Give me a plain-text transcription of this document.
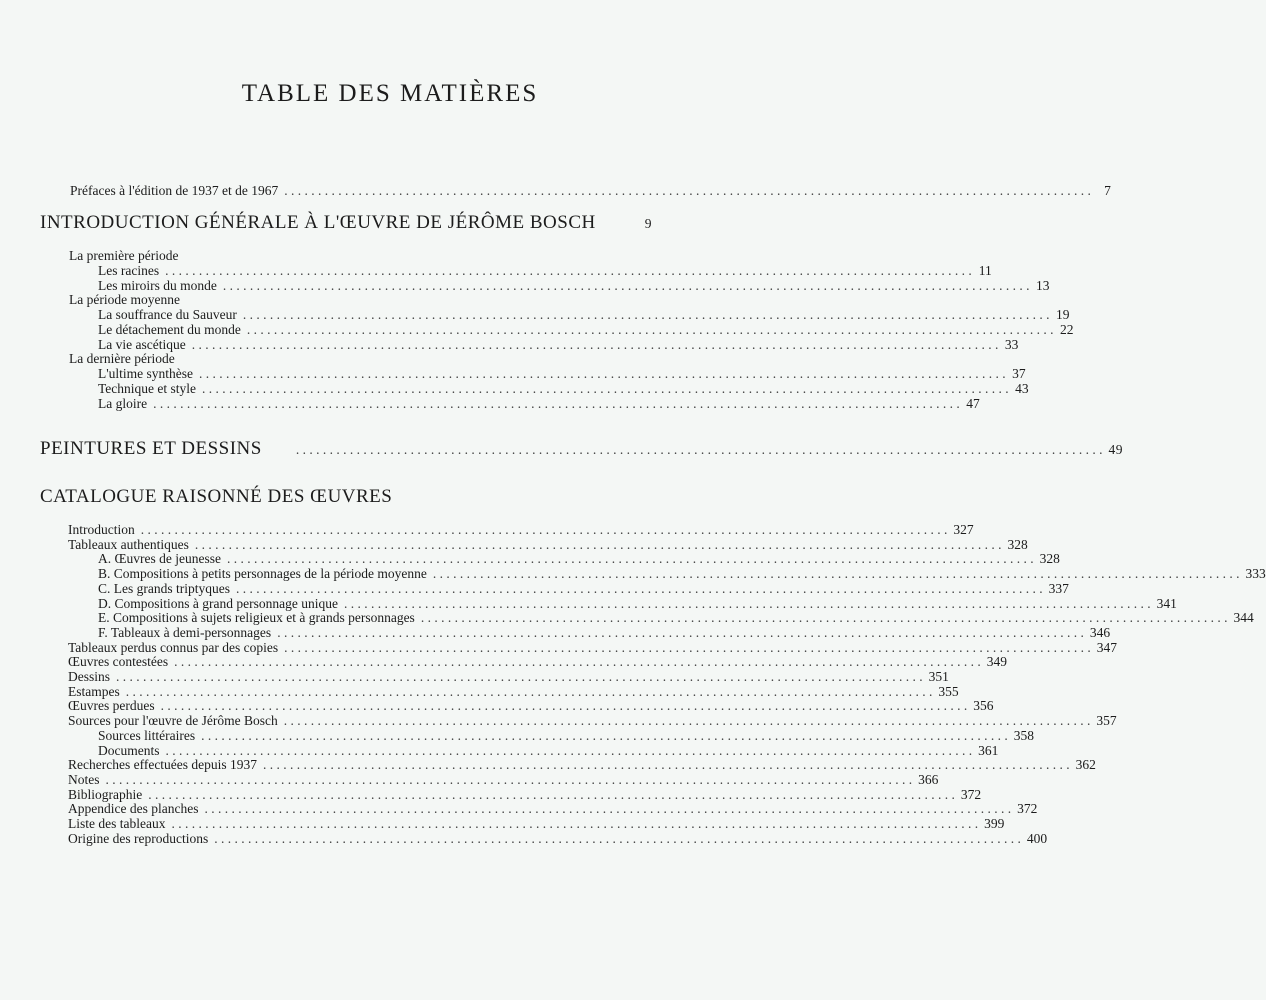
TABLE DES MATIÈRES
Préfaces à l'édition de 1937 et de 1967 . . . . . . . . . . . . . . . . . . . . . . . . . . . . . . . . . . . . . . . . . . . . . . . . . . . . . . . . . . . . . . . . . . . . . . . . . . . . . . . . . . . . . . . . . . . . . . . . . . . . . . . . . . . . . . . . . . . . . . . . 7
INTRODUCTION GÉNÉRALE À L'ŒUVRE DE JÉRÔME BOSCH	9
La première période
Les racines . . . . . . . . . . . . . . . . . . . . . . . . . . . . . . . . . . . . . . . . . . . . . . . . . . . . . . . . . . . . . . . . . . . . . . . . . . . . . . . . . . . . . . . . . . . . . . . . . . . . . . . . . . . . . . . . . . . . . . . . 11
Les miroirs du monde . . . . . . . . . . . . . . . . . . . . . . . . . . . . . . . . . . . . . . . . . . . . . . . . . . . . . . . . . . . . . . . . . . . . . . . . . . . . . . . . . . . . . . . . . . . . . . . . . . . . . . . . . . . . . . . . . . . . . . . . 13
La période moyenne
La souffrance du Sauveur . . . . . . . . . . . . . . . . . . . . . . . . . . . . . . . . . . . . . . . . . . . . . . . . . . . . . . . . . . . . . . . . . . . . . . . . . . . . . . . . . . . . . . . . . . . . . . . . . . . . . . . . . . . . . . . . . . . . . . . . 19
Le détachement du monde . . . . . . . . . . . . . . . . . . . . . . . . . . . . . . . . . . . . . . . . . . . . . . . . . . . . . . . . . . . . . . . . . . . . . . . . . . . . . . . . . . . . . . . . . . . . . . . . . . . . . . . . . . . . . . . . . . . . . . . . 22
La vie ascétique . . . . . . . . . . . . . . . . . . . . . . . . . . . . . . . . . . . . . . . . . . . . . . . . . . . . . . . . . . . . . . . . . . . . . . . . . . . . . . . . . . . . . . . . . . . . . . . . . . . . . . . . . . . . . . . . . . . . . . . . 33
La dernière période
L'ultime synthèse . . . . . . . . . . . . . . . . . . . . . . . . . . . . . . . . . . . . . . . . . . . . . . . . . . . . . . . . . . . . . . . . . . . . . . . . . . . . . . . . . . . . . . . . . . . . . . . . . . . . . . . . . . . . . . . . . . . . . . . . 37
Technique et style . . . . . . . . . . . . . . . . . . . . . . . . . . . . . . . . . . . . . . . . . . . . . . . . . . . . . . . . . . . . . . . . . . . . . . . . . . . . . . . . . . . . . . . . . . . . . . . . . . . . . . . . . . . . . . . . . . . . . . . . 43
La gloire . . . . . . . . . . . . . . . . . . . . . . . . . . . . . . . . . . . . . . . . . . . . . . . . . . . . . . . . . . . . . . . . . . . . . . . . . . . . . . . . . . . . . . . . . . . . . . . . . . . . . . . . . . . . . . . . . . . . . . . . 47
PEINTURES ET DESSINS	. . . . . . . . . . . . . . . . . . . . . . . . . . . . . . . . . . . . . . . . . . . . . . . . . . . . . . . . . . . . . . . . . . . . . . . . . . . . . . . . . . . . . . . . . . . . . . . . . . . . . . . . . . . . . . . . . . . . . . . . 49
CATALOGUE RAISONNÉ DES ŒUVRES
Introduction . . . . . . . . . . . . . . . . . . . . . . . . . . . . . . . . . . . . . . . . . . . . . . . . . . . . . . . . . . . . . . . . . . . . . . . . . . . . . . . . . . . . . . . . . . . . . . . . . . . . . . . . . . . . . . . . . . . . . . . . 327
Tableaux authentiques . . . . . . . . . . . . . . . . . . . . . . . . . . . . . . . . . . . . . . . . . . . . . . . . . . . . . . . . . . . . . . . . . . . . . . . . . . . . . . . . . . . . . . . . . . . . . . . . . . . . . . . . . . . . . . . . . . . . . . . . 328
A. Œuvres de jeunesse . . . . . . . . . . . . . . . . . . . . . . . . . . . . . . . . . . . . . . . . . . . . . . . . . . . . . . . . . . . . . . . . . . . . . . . . . . . . . . . . . . . . . . . . . . . . . . . . . . . . . . . . . . . . . . . . . . . . . . . . 328
B. Compositions à petits personnages de la période moyenne . . . . . . . . . . . . . . . . . . . . . . . . . . . . . . . . . . . . . . . . . . . . . . . . . . . . . . . . . . . . . . . . . . . . . . . . . . . . . . . . . . . . . . . . . . . . . . . . . . . . . . . . . . . . . . . . . . . . . . . . 333
C. Les grands triptyques . . . . . . . . . . . . . . . . . . . . . . . . . . . . . . . . . . . . . . . . . . . . . . . . . . . . . . . . . . . . . . . . . . . . . . . . . . . . . . . . . . . . . . . . . . . . . . . . . . . . . . . . . . . . . . . . . . . . . . . . 337
D. Compositions à grand personnage unique . . . . . . . . . . . . . . . . . . . . . . . . . . . . . . . . . . . . . . . . . . . . . . . . . . . . . . . . . . . . . . . . . . . . . . . . . . . . . . . . . . . . . . . . . . . . . . . . . . . . . . . . . . . . . . . . . . . . . . . . 341
E. Compositions à sujets religieux et à grands personnages . . . . . . . . . . . . . . . . . . . . . . . . . . . . . . . . . . . . . . . . . . . . . . . . . . . . . . . . . . . . . . . . . . . . . . . . . . . . . . . . . . . . . . . . . . . . . . . . . . . . . . . . . . . . . . . . . . . . . . . . 344
F. Tableaux à demi-personnages . . . . . . . . . . . . . . . . . . . . . . . . . . . . . . . . . . . . . . . . . . . . . . . . . . . . . . . . . . . . . . . . . . . . . . . . . . . . . . . . . . . . . . . . . . . . . . . . . . . . . . . . . . . . . . . . . . . . . . . . 346
Tableaux perdus connus par des copies . . . . . . . . . . . . . . . . . . . . . . . . . . . . . . . . . . . . . . . . . . . . . . . . . . . . . . . . . . . . . . . . . . . . . . . . . . . . . . . . . . . . . . . . . . . . . . . . . . . . . . . . . . . . . . . . . . . . . . . . 347
Œuvres contestées . . . . . . . . . . . . . . . . . . . . . . . . . . . . . . . . . . . . . . . . . . . . . . . . . . . . . . . . . . . . . . . . . . . . . . . . . . . . . . . . . . . . . . . . . . . . . . . . . . . . . . . . . . . . . . . . . . . . . . . . 349
Dessins . . . . . . . . . . . . . . . . . . . . . . . . . . . . . . . . . . . . . . . . . . . . . . . . . . . . . . . . . . . . . . . . . . . . . . . . . . . . . . . . . . . . . . . . . . . . . . . . . . . . . . . . . . . . . . . . . . . . . . . . 351
Estampes . . . . . . . . . . . . . . . . . . . . . . . . . . . . . . . . . . . . . . . . . . . . . . . . . . . . . . . . . . . . . . . . . . . . . . . . . . . . . . . . . . . . . . . . . . . . . . . . . . . . . . . . . . . . . . . . . . . . . . . . 355
Œuvres perdues . . . . . . . . . . . . . . . . . . . . . . . . . . . . . . . . . . . . . . . . . . . . . . . . . . . . . . . . . . . . . . . . . . . . . . . . . . . . . . . . . . . . . . . . . . . . . . . . . . . . . . . . . . . . . . . . . . . . . . . . 356
Sources pour l'œuvre de Jérôme Bosch . . . . . . . . . . . . . . . . . . . . . . . . . . . . . . . . . . . . . . . . . . . . . . . . . . . . . . . . . . . . . . . . . . . . . . . . . . . . . . . . . . . . . . . . . . . . . . . . . . . . . . . . . . . . . . . . . . . . . . . . 357
Sources littéraires . . . . . . . . . . . . . . . . . . . . . . . . . . . . . . . . . . . . . . . . . . . . . . . . . . . . . . . . . . . . . . . . . . . . . . . . . . . . . . . . . . . . . . . . . . . . . . . . . . . . . . . . . . . . . . . . . . . . . . . . 358
Documents . . . . . . . . . . . . . . . . . . . . . . . . . . . . . . . . . . . . . . . . . . . . . . . . . . . . . . . . . . . . . . . . . . . . . . . . . . . . . . . . . . . . . . . . . . . . . . . . . . . . . . . . . . . . . . . . . . . . . . . . 361
Recherches effectuées depuis 1937 . . . . . . . . . . . . . . . . . . . . . . . . . . . . . . . . . . . . . . . . . . . . . . . . . . . . . . . . . . . . . . . . . . . . . . . . . . . . . . . . . . . . . . . . . . . . . . . . . . . . . . . . . . . . . . . . . . . . . . . . 362
Notes . . . . . . . . . . . . . . . . . . . . . . . . . . . . . . . . . . . . . . . . . . . . . . . . . . . . . . . . . . . . . . . . . . . . . . . . . . . . . . . . . . . . . . . . . . . . . . . . . . . . . . . . . . . . . . . . . . . . . . . . 366
Bibliographie . . . . . . . . . . . . . . . . . . . . . . . . . . . . . . . . . . . . . . . . . . . . . . . . . . . . . . . . . . . . . . . . . . . . . . . . . . . . . . . . . . . . . . . . . . . . . . . . . . . . . . . . . . . . . . . . . . . . . . . . 372
Appendice des planches . . . . . . . . . . . . . . . . . . . . . . . . . . . . . . . . . . . . . . . . . . . . . . . . . . . . . . . . . . . . . . . . . . . . . . . . . . . . . . . . . . . . . . . . . . . . . . . . . . . . . . . . . . . . . . . . . . . . . . . . 372
Liste des tableaux . . . . . . . . . . . . . . . . . . . . . . . . . . . . . . . . . . . . . . . . . . . . . . . . . . . . . . . . . . . . . . . . . . . . . . . . . . . . . . . . . . . . . . . . . . . . . . . . . . . . . . . . . . . . . . . . . . . . . . . . 399
Origine des reproductions . . . . . . . . . . . . . . . . . . . . . . . . . . . . . . . . . . . . . . . . . . . . . . . . . . . . . . . . . . . . . . . . . . . . . . . . . . . . . . . . . . . . . . . . . . . . . . . . . . . . . . . . . . . . . . . . . . . . . . . . 400
